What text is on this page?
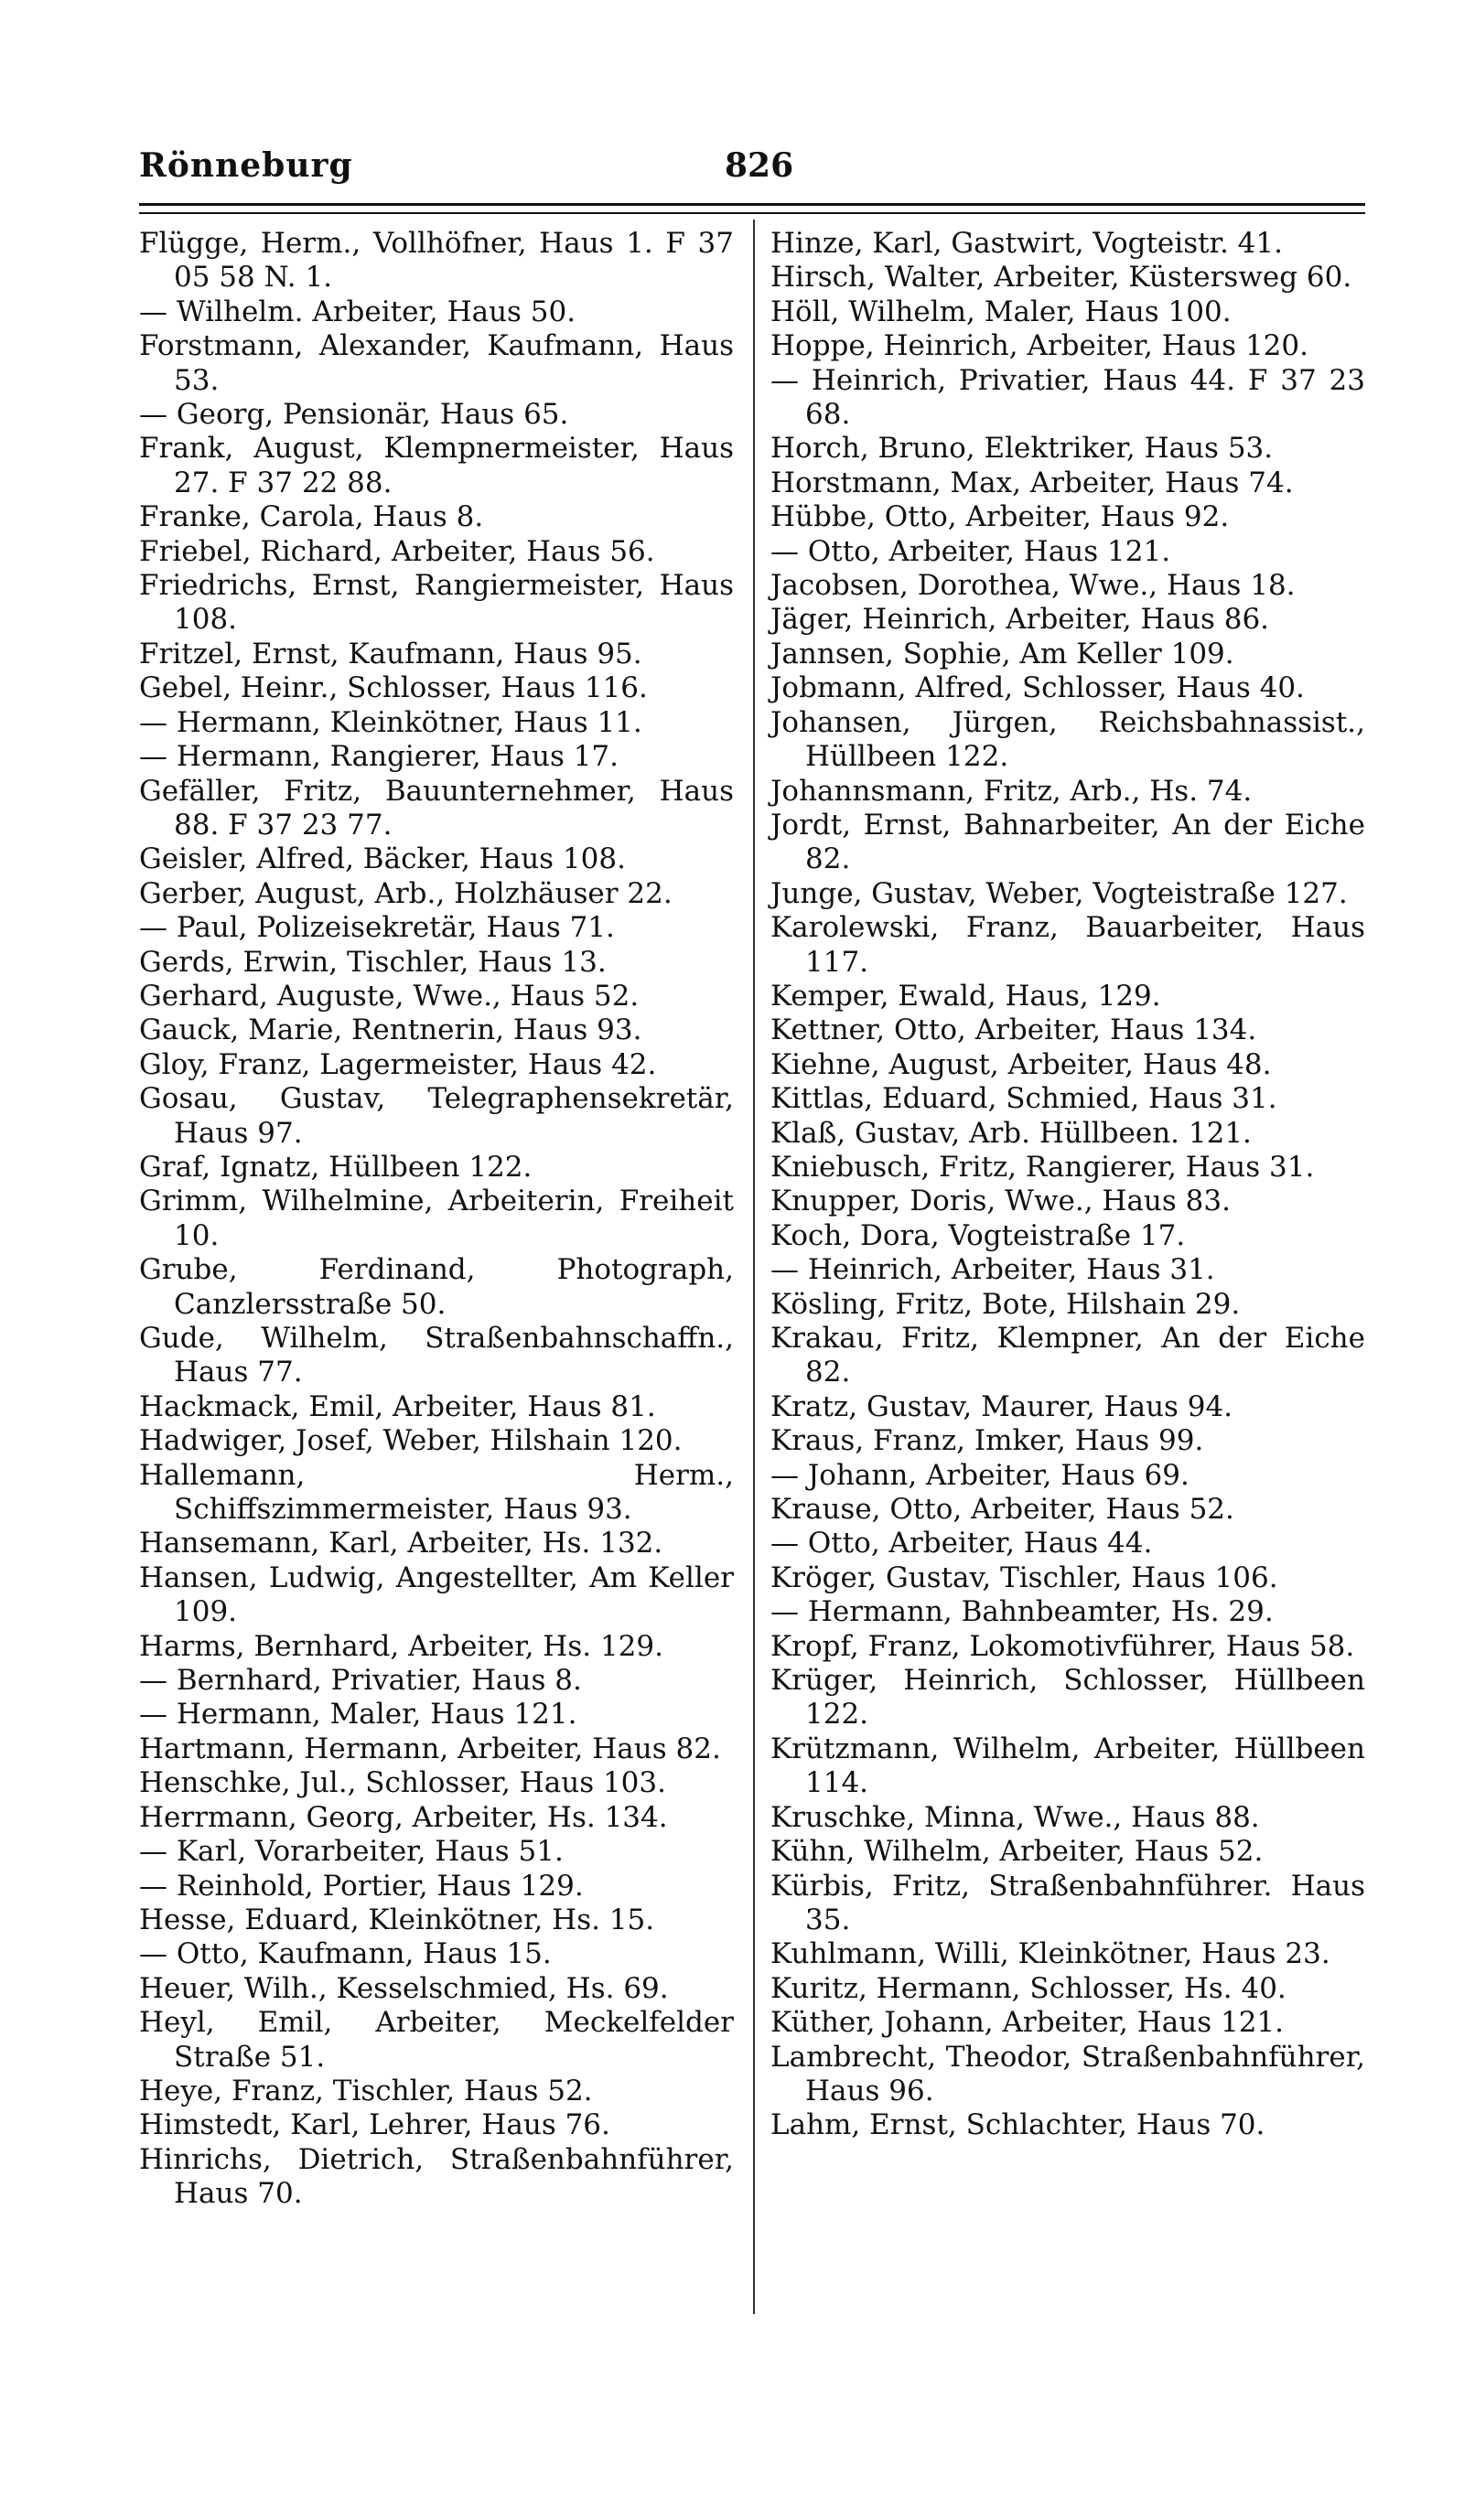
Rönneburg	826

Flügge, Herm., Vollhöfner, Haus 1. F 37 05 58 N. 1.

— Wilhelm. Arbeiter, Haus 50.

Forstmann, Alexander, Kaufmann, Haus 53.

— Georg, Pensionär, Haus 65.

Frank, August, Klempnermeister, Haus 27. F 37 22 88.

Franke, Carola, Haus 8.

Friebel, Richard, Arbeiter, Haus 56.

Friedrichs, Ernst, Rangiermeister, Haus 108.

Fritzel, Ernst, Kaufmann, Haus 95.

Gebel, Heinr., Schlosser, Haus 116.

— Hermann, Kleinkötner, Haus 11.

— Hermann, Rangierer, Haus 17.

Gefäller, Fritz, Bauunternehmer, Haus 88. F 37 23 77.

Geisler, Alfred, Bäcker, Haus 108.

Gerber, August, Arb., Holzhäuser 22.

— Paul, Polizeisekretär, Haus 71.

Gerds, Erwin, Tischler, Haus 13.

Gerhard, Auguste, Wwe., Haus 52.

Gauck, Marie, Rentnerin, Haus 93.

Gloy, Franz, Lagermeister, Haus 42.

Gosau, Gustav, Telegraphensekretär, Haus 97.

Graf, Ignatz, Hüllbeen 122.

Grimm, Wilhelmine, Arbeiterin, Freiheit 10.

Grube, Ferdinand, Photograph, Canzlersstraße 50.

Gude, Wilhelm, Straßenbahnschaffn., Haus 77.

Hackmack, Emil, Arbeiter, Haus 81.

Hadwiger, Josef, Weber, Hilshain 120.

Hallemann, Herm., Schiffszimmermeister, Haus 93.

Hansemann, Karl, Arbeiter, Hs. 132.

Hansen, Ludwig, Angestellter, Am Keller 109.

Harms, Bernhard, Arbeiter, Hs. 129.

— Bernhard, Privatier, Haus 8.

— Hermann, Maler, Haus 121.

Hartmann, Hermann, Arbeiter, Haus 82.

Henschke, Jul., Schlosser, Haus 103.

Herrmann, Georg, Arbeiter, Hs. 134.

— Karl, Vorarbeiter, Haus 51.

— Reinhold, Portier, Haus 129.

Hesse, Eduard, Kleinkötner, Hs. 15.

— Otto, Kaufmann, Haus 15.

Heuer, Wilh., Kesselschmied, Hs. 69.

Heyl, Emil, Arbeiter, Meckelfelder Straße 51.

Heye, Franz, Tischler, Haus 52.

Himstedt, Karl, Lehrer, Haus 76.

Hinrichs, Dietrich, Straßenbahnführer, Haus 70.

Hinze, Karl, Gastwirt, Vogteistr. 41.

Hirsch, Walter, Arbeiter, Küstersweg 60.

Höll, Wilhelm, Maler, Haus 100.

Hoppe, Heinrich, Arbeiter, Haus 120.

— Heinrich, Privatier, Haus 44. F 37 23 68.

Horch, Bruno, Elektriker, Haus 53.

Horstmann, Max, Arbeiter, Haus 74.

Hübbe, Otto, Arbeiter, Haus 92.

— Otto, Arbeiter, Haus 121.

Jacobsen, Dorothea, Wwe., Haus 18.

Jäger, Heinrich, Arbeiter, Haus 86.

Jannsen, Sophie, Am Keller 109.

Jobmann, Alfred, Schlosser, Haus 40.

Johansen, Jürgen, Reichsbahnassist., Hüllbeen 122.

Johannsmann, Fritz, Arb., Hs. 74.

Jordt, Ernst, Bahnarbeiter, An der Eiche 82.

Junge, Gustav, Weber, Vogteistraße 127.

Karolewski, Franz, Bauarbeiter, Haus 117.

Kemper, Ewald, Haus, 129.

Kettner, Otto, Arbeiter, Haus 134.

Kiehne, August, Arbeiter, Haus 48.

Kittlas, Eduard, Schmied, Haus 31.

Klaß, Gustav, Arb. Hüllbeen. 121.

Kniebusch, Fritz, Rangierer, Haus 31.

Knupper, Doris, Wwe., Haus 83.

Koch, Dora, Vogteistraße 17.

— Heinrich, Arbeiter, Haus 31.

Kösling, Fritz, Bote, Hilshain 29.

Krakau, Fritz, Klempner, An der Eiche 82.

Kratz, Gustav, Maurer, Haus 94.

Kraus, Franz, Imker, Haus 99.

— Johann, Arbeiter, Haus 69.

Krause, Otto, Arbeiter, Haus 52.

— Otto, Arbeiter, Haus 44.

Kröger, Gustav, Tischler, Haus 106.

— Hermann, Bahnbeamter, Hs. 29.

Kropf, Franz, Lokomotivführer, Haus 58.

Krüger, Heinrich, Schlosser, Hüllbeen 122.

Krützmann, Wilhelm, Arbeiter, Hüllbeen 114.

Kruschke, Minna, Wwe., Haus 88.

Kühn, Wilhelm, Arbeiter, Haus 52.

Kürbis, Fritz, Straßenbahnführer. Haus 35.

Kuhlmann, Willi, Kleinkötner, Haus 23.

Kuritz, Hermann, Schlosser, Hs. 40.

Küther, Johann, Arbeiter, Haus 121.

Lambrecht, Theodor, Straßenbahnführer, Haus 96.

Lahm, Ernst, Schlachter, Haus 70.
